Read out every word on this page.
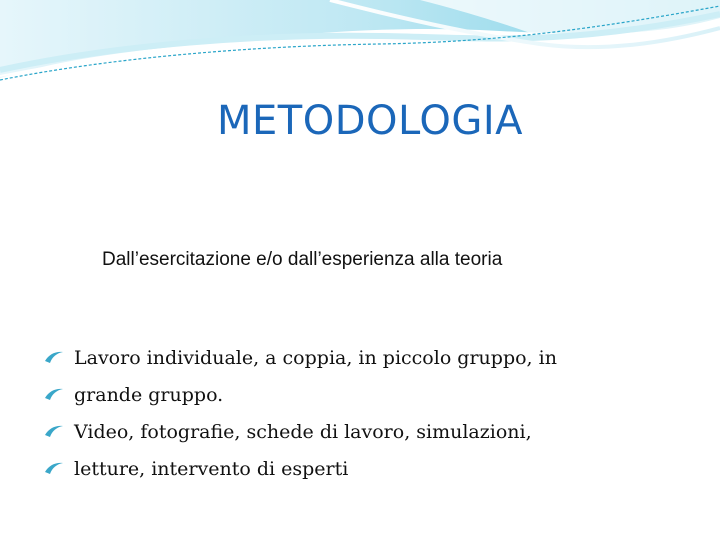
METODOLOGIA
Dall’esercitazione e/o dall’esperienza alla teoria
Lavoro individuale, a coppia, in piccolo gruppo, in
grande gruppo.
Video, fotografie, schede di lavoro, simulazioni,
letture, intervento di esperti
